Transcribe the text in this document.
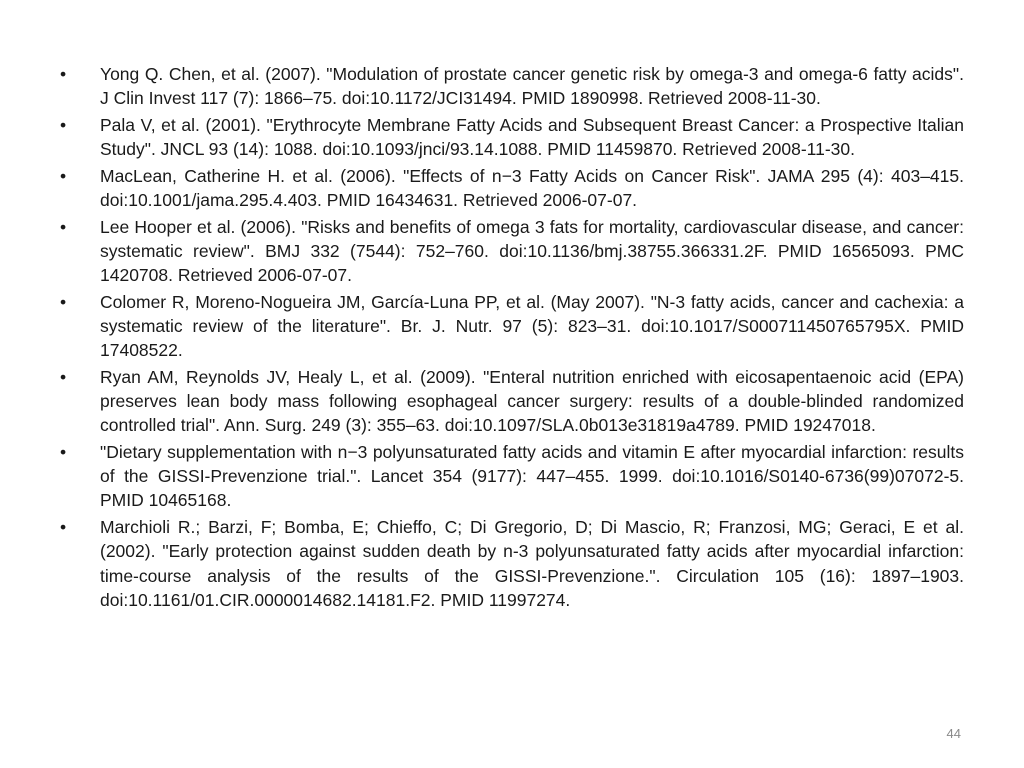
•	Yong Q. Chen, et al. (2007). "Modulation of prostate cancer genetic risk by omega-3 and omega-6 fatty acids". J Clin Invest 117 (7): 1866–75. doi:10.1172/JCI31494. PMID 1890998. Retrieved 2008-11-30.
•	Pala V, et al. (2001). "Erythrocyte Membrane Fatty Acids and Subsequent Breast Cancer: a Prospective Italian Study". JNCL 93 (14): 1088. doi:10.1093/jnci/93.14.1088. PMID 11459870. Retrieved 2008-11-30.
•	MacLean, Catherine H. et al. (2006). "Effects of n−3 Fatty Acids on Cancer Risk". JAMA 295 (4): 403–415. doi:10.1001/jama.295.4.403. PMID 16434631. Retrieved 2006-07-07.
•	Lee Hooper et al. (2006). "Risks and benefits of omega 3 fats for mortality, cardiovascular disease, and cancer: systematic review". BMJ 332 (7544): 752–760. doi:10.1136/bmj.38755.366331.2F. PMID 16565093. PMC 1420708. Retrieved 2006-07-07.
•	Colomer R, Moreno-Nogueira JM, García-Luna PP, et al. (May 2007). "N-3 fatty acids, cancer and cachexia: a systematic review of the literature". Br. J. Nutr. 97 (5): 823–31. doi:10.1017/S000711450765795X. PMID 17408522.
•	Ryan AM, Reynolds JV, Healy L, et al. (2009). "Enteral nutrition enriched with eicosapentaenoic acid (EPA) preserves lean body mass following esophageal cancer surgery: results of a double-blinded randomized controlled trial". Ann. Surg. 249 (3): 355–63. doi:10.1097/SLA.0b013e31819a4789. PMID 19247018.
•	"Dietary supplementation with n−3 polyunsaturated fatty acids and vitamin E after myocardial infarction: results of the GISSI-Prevenzione trial.". Lancet 354 (9177): 447–455. 1999. doi:10.1016/S0140-6736(99)07072-5. PMID 10465168.
•	Marchioli R.; Barzi, F; Bomba, E; Chieffo, C; Di Gregorio, D; Di Mascio, R; Franzosi, MG; Geraci, E et al. (2002). "Early protection against sudden death by n-3 polyunsaturated fatty acids after myocardial infarction: time-course analysis of the results of the GISSI-Prevenzione.". Circulation 105 (16): 1897–1903. doi:10.1161/01.CIR.0000014682.14181.F2. PMID 11997274.
44
